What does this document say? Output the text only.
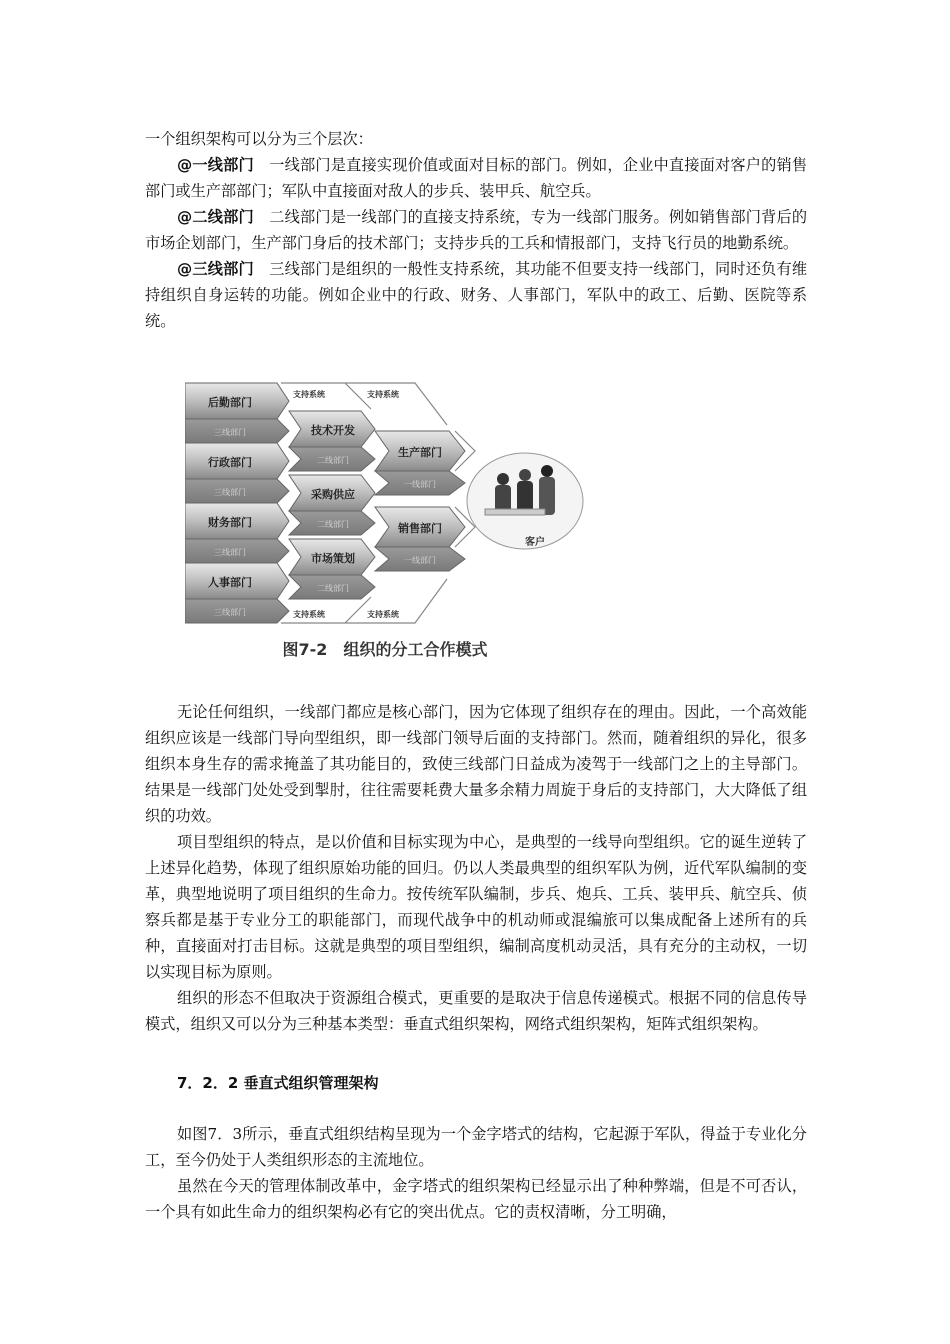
一个组织架构可以分为三个层次：

@一线部门　 一线部门是直接实现价值或面对目标的部门。例如，企业中直接面对客户的销售部门或生产部部门；军队中直接面对敌人的步兵、装甲兵、航空兵。

@二线部门　 二线部门是一线部门的直接支持系统，专为一线部门服务。例如销售部门背后的市场企划部门，生产部门身后的技术部门；支持步兵的工兵和情报部门，支持飞行员的地勤系统。

@三线部门　 三线部门是组织的一般性支持系统，其功能不但要支持一线部门，同时还负有维持组织自身运转的功能。例如企业中的行政、财务、人事部门，军队中的政工、后勤、医院等系统。

后勤部门
三线部门
行政部门
三线部门
财务部门
三线部门
人事部门
三线部门
技术开发
二线部门
采购供应
二线部门
市场策划
二线部门
生产部门
一线部门
销售部门
一线部门
支持系统	支持系统
支持系统	支持系统
客户
图7-2　组织的分工合作模式

无论任何组织，一线部门都应是核心部门，因为它体现了组织存在的理由。因此，一个高效能组织应该是一线部门导向型组织，即一线部门领导后面的支持部门。然而，随着组织的异化，很多组织本身生存的需求掩盖了其功能目的，致使三线部门日益成为凌驾于一线部门之上的主导部门。结果是一线部门处处受到掣肘，往往需要耗费大量多余精力周旋于身后的支持部门，大大降低了组织的功效。

项目型组织的特点，是以价值和目标实现为中心，是典型的一线导向型组织。它的诞生逆转了上述异化趋势，体现了组织原始功能的回归。仍以人类最典型的组织军队为例，近代军队编制的变革，典型地说明了项目组织的生命力。按传统军队编制，步兵、炮兵、工兵、装甲兵、航空兵、侦察兵都是基于专业分工的职能部门，而现代战争中的机动师或混编旅可以集成配备上述所有的兵种，直接面对打击目标。这就是典型的项目型组织，编制高度机动灵活，具有充分的主动权，一切以实现目标为原则。

组织的形态不但取决于资源组合模式，更重要的是取决于信息传递模式。根据不同的信息传导模式，组织又可以分为三种基本类型：垂直式组织架构，网络式组织架构，矩阵式组织架构。

7．2．2 垂直式组织管理架构

如图7．3所示，垂直式组织结构呈现为一个金字塔式的结构，它起源于军队，得益于专业化分工，至今仍处于人类组织形态的主流地位。

虽然在今天的管理体制改革中，金字塔式的组织架构已经显示出了种种弊端，但是不可否认，一个具有如此生命力的组织架构必有它的突出优点。它的责权清晰，分工明确，
